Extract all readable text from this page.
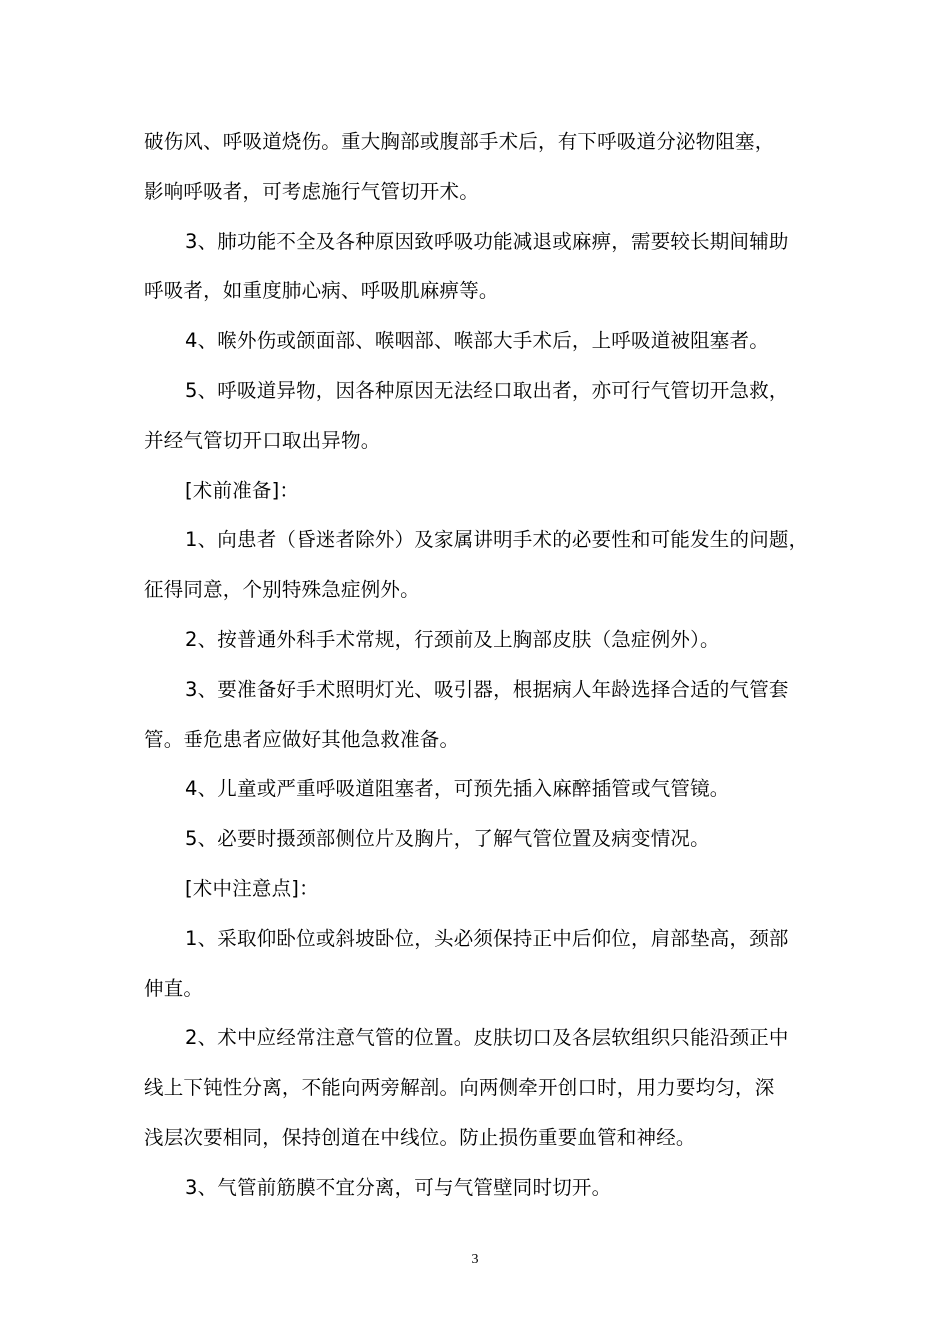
破伤风、呼吸道烧伤。重大胸部或腹部手术后，有下呼吸道分泌物阻塞，
影响呼吸者，可考虑施行气管切开术。
3、肺功能不全及各种原因致呼吸功能减退或麻痹，需要较长期间辅助
呼吸者，如重度肺心病、呼吸肌麻痹等。
4、喉外伤或颌面部、喉咽部、喉部大手术后，上呼吸道被阻塞者。
5、呼吸道异物，因各种原因无法经口取出者，亦可行气管切开急救，
并经气管切开口取出异物。
[术前准备]：
1、向患者（昏迷者除外）及家属讲明手术的必要性和可能发生的问题，
征得同意，个别特殊急症例外。
2、按普通外科手术常规，行颈前及上胸部皮肤（急症例外）。
3、要准备好手术照明灯光、吸引器，根据病人年龄选择合适的气管套
管。垂危患者应做好其他急救准备。
4、儿童或严重呼吸道阻塞者，可预先插入麻醉插管或气管镜。
5、必要时摄颈部侧位片及胸片，了解气管位置及病变情况。
[术中注意点]：
1、采取仰卧位或斜坡卧位，头必须保持正中后仰位，肩部垫高，颈部
伸直。
2、术中应经常注意气管的位置。皮肤切口及各层软组织只能沿颈正中
线上下钝性分离，不能向两旁解剖。向两侧牵开创口时，用力要均匀，深
浅层次要相同，保持创道在中线位。防止损伤重要血管和神经。
3、气管前筋膜不宜分离，可与气管壁同时切开。
3
